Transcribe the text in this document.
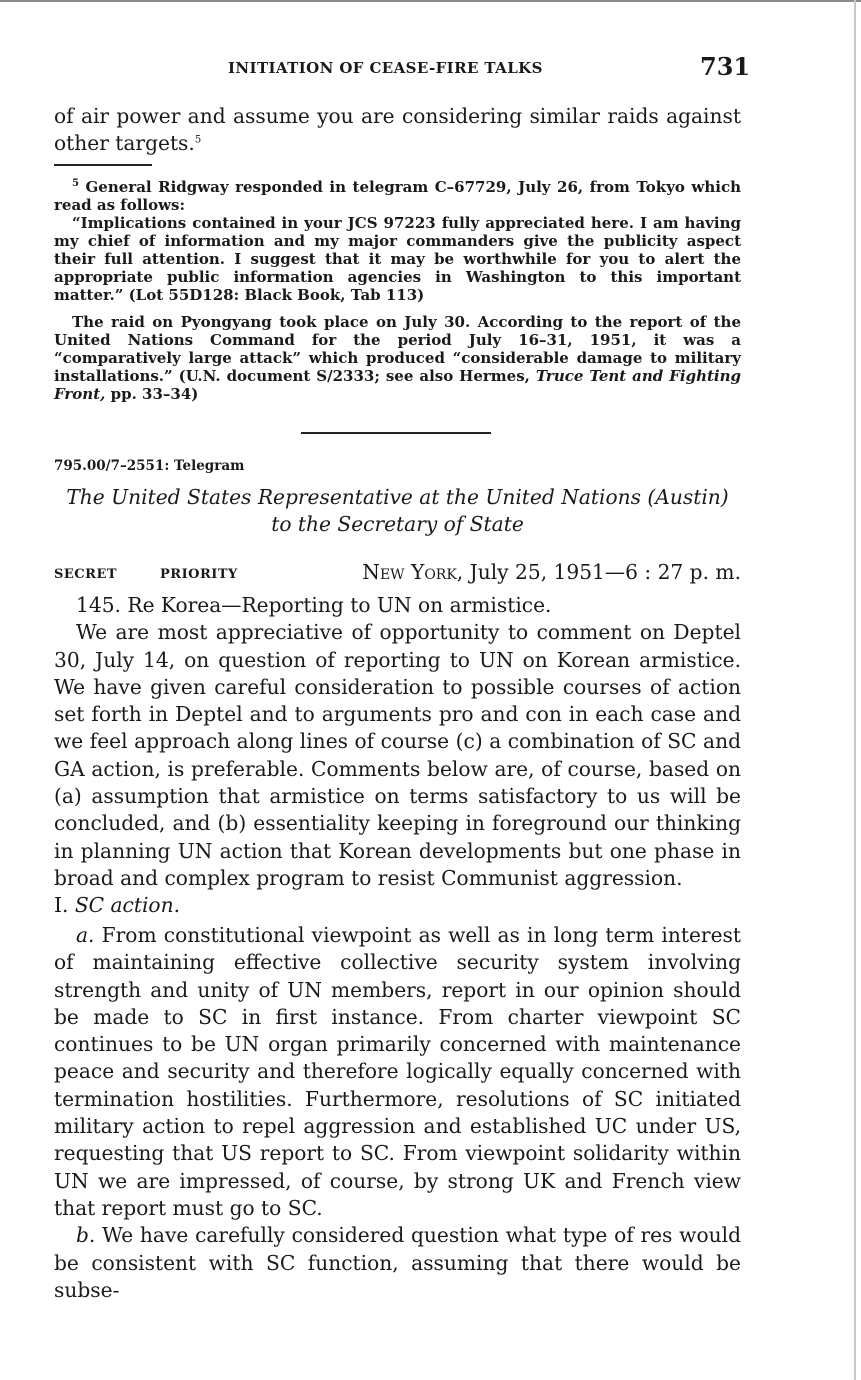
INITIATION OF CEASE-FIRE TALKS	731

of air power and assume you are considering similar raids against other targets.$^5$

$^5$ General Ridgway responded in telegram C–67729, July 26, from Tokyo which read as follows:

“Implications contained in your JCS 97223 fully appreciated here. I am having my chief of information and my major commanders give the publicity aspect their full attention. I suggest that it may be worthwhile for you to alert the appropriate public information agencies in Washington to this important matter.” (Lot 55D128: Black Book, Tab 113)

The raid on Pyongyang took place on July 30. According to the report of the United Nations Command for the period July 16–31, 1951, it was a “comparatively large attack” which produced “considerable damage to military installations.” (U.N. document S/2333; see also Hermes, Truce Tent and Fighting Front, pp. 33–34)

795.00/7–2551: Telegram
The United States Representative at the United Nations (Austin) to the Secretary of State
SECRET	PRIORITY	New York, July 25, 1951—6 : 27 p. m.

145. Re Korea—Reporting to UN on armistice.

We are most appreciative of opportunity to comment on Deptel 30, July 14, on question of reporting to UN on Korean armistice. We have given careful consideration to possible courses of action set forth in Deptel and to arguments pro and con in each case and we feel approach along lines of course (c) a combination of SC and GA action, is preferable. Comments below are, of course, based on (a) assumption that armistice on terms satisfactory to us will be concluded, and (b) essentiality keeping in foreground our thinking in planning UN action that Korean developments but one phase in broad and complex program to resist Communist aggression.

I. SC action.

a. From constitutional viewpoint as well as in long term interest of maintaining effective collective security system involving strength and unity of UN members, report in our opinion should be made to SC in first instance. From charter viewpoint SC continues to be UN organ primarily concerned with maintenance peace and security and therefore logically equally concerned with termination hostilities. Furthermore, resolutions of SC initiated military action to repel aggression and established UC under US, requesting that US report to SC. From viewpoint solidarity within UN we are impressed, of course, by strong UK and French view that report must go to SC.

b. We have carefully considered question what type of res would be consistent with SC function, assuming that there would be subse-
